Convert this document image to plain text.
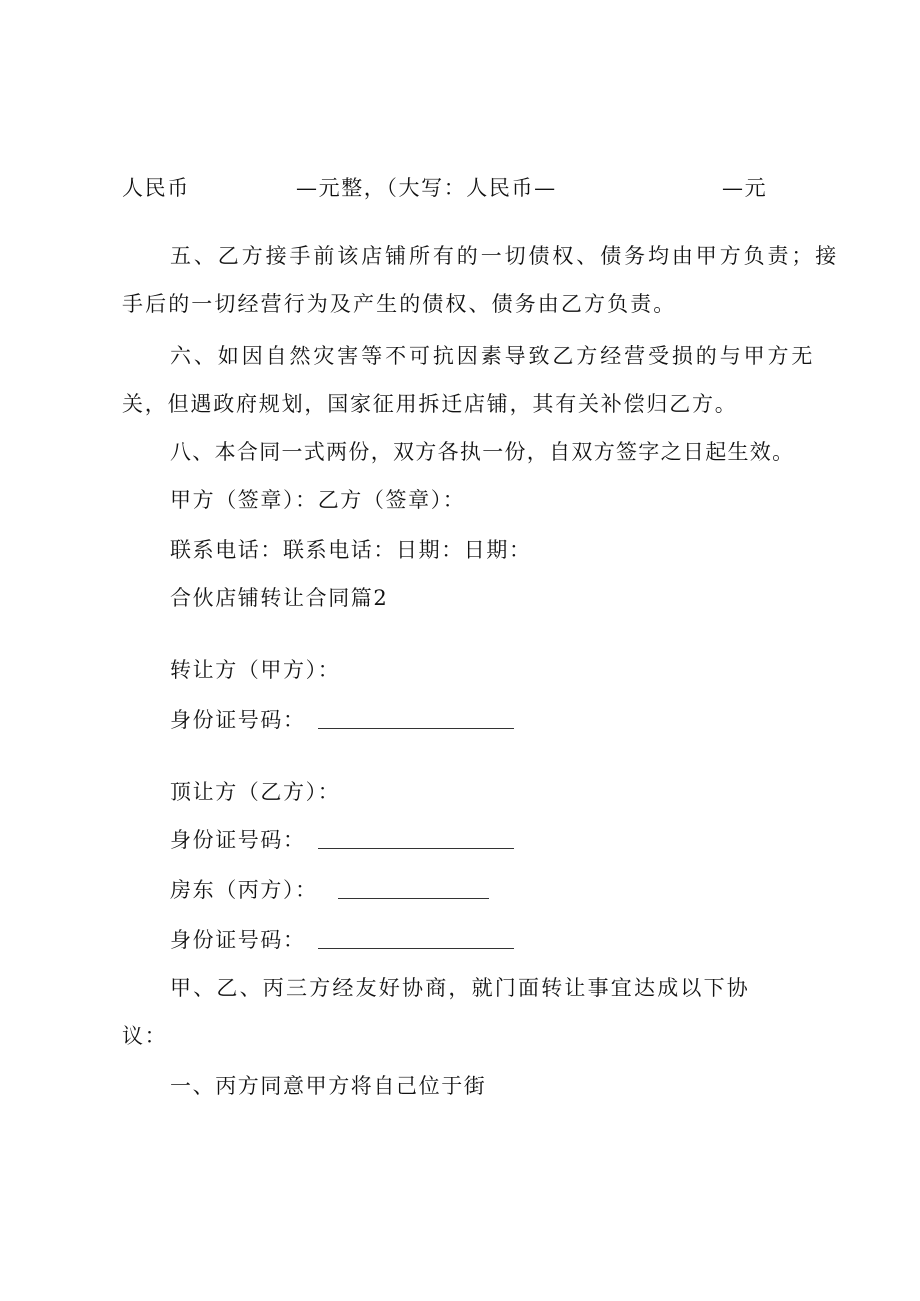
人民币	—元整，（大写：人民币—	—元
五、乙方接手前该店铺所有的一切债权、债务均由甲方负责；接
手后的一切经营行为及产生的债权、债务由乙方负责。
六、如因自然灾害等不可抗因素导致乙方经营受损的与甲方无
关，但遇政府规划，国家征用拆迁店铺，其有关补偿归乙方。
八、本合同一式两份，双方各执一份，自双方签字之日起生效。
甲方（签章）：乙方（签章）：
联系电话：联系电话：日期：日期：
合伙店铺转让合同篇2
转让方（甲方）：
身份证号码：
顶让方（乙方）：
身份证号码：
房东（丙方）：
身份证号码：
甲、乙、丙三方经友好协商，就门面转让事宜达成以下协
议：
一、丙方同意甲方将自己位于街
